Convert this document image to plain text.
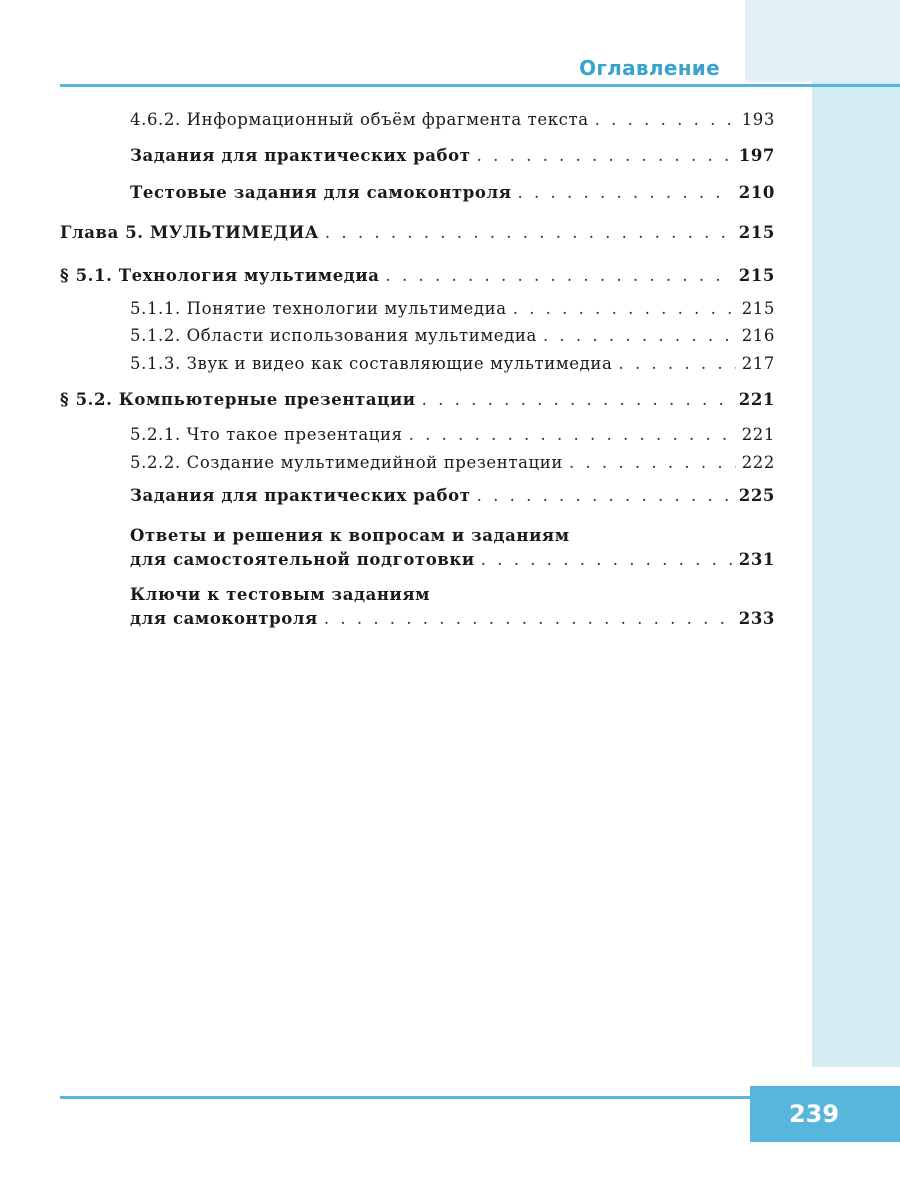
Оглавление
4.6.2. Информационный объём фрагмента текста . . .	193
Задания для практических работ . . .	197
Тестовые задания для самоконтроля . . .	210
Глава 5. МУЛЬТИМЕДИА . . .	215
§ 5.1. Технология мультимедиа . . .	215
5.1.1. Понятие технологии мультимедиа . . .	215
5.1.2. Области использования мультимедиа . . .	216
5.1.3. Звук и видео как составляющие мультимедиа . . .	217
§ 5.2. Компьютерные презентации . . .	221
5.2.1. Что такое презентация . . .	221
5.2.2. Создание мультимедийной презентации . . .	222
Задания для практических работ . . .	225
Ответы и решения к вопросам и заданиям
для самостоятельной подготовки . . .	231
Ключи к тестовым заданиям
для самоконтроля . . .	233
239
